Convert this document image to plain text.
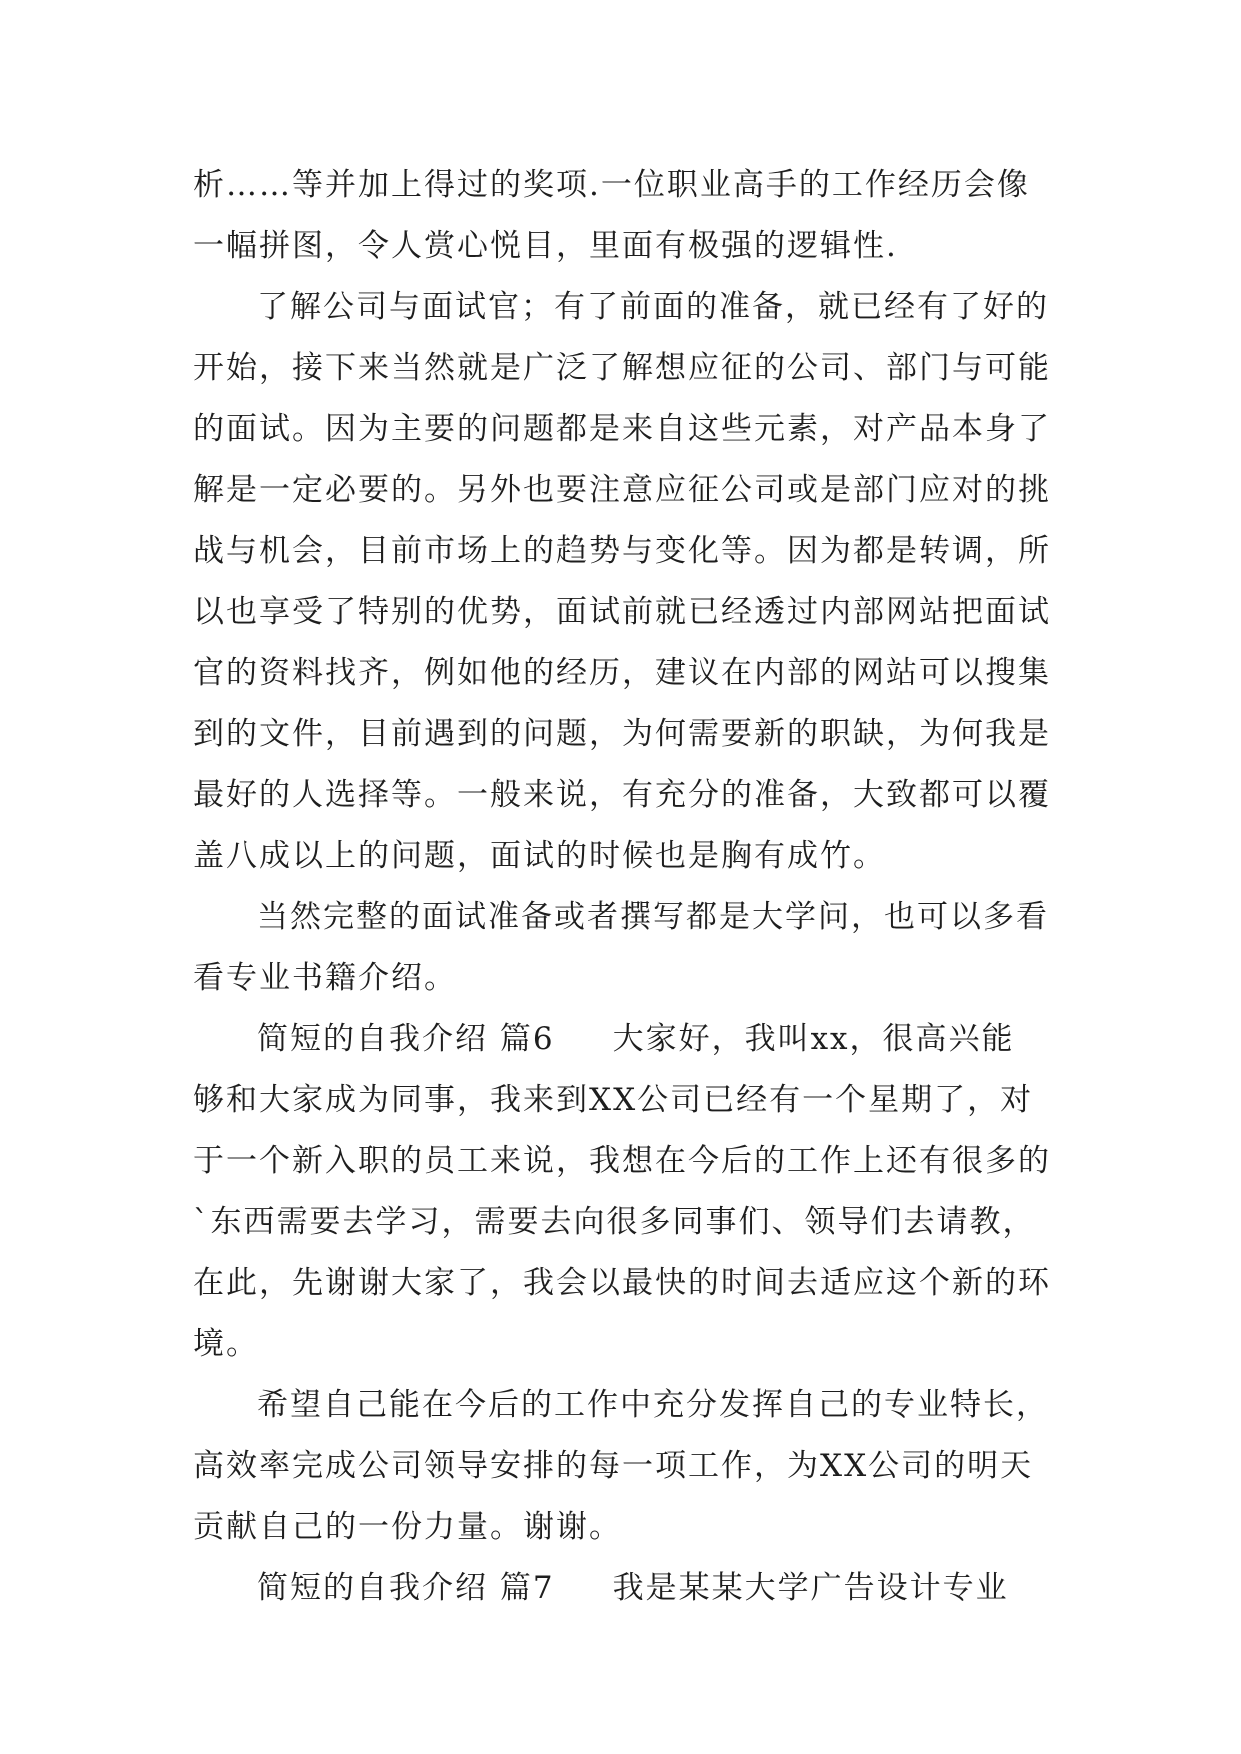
析……等并加上得过的奖项.一位职业高手的工作经历会像
一幅拼图，令人赏心悦目，里面有极强的逻辑性.
了解公司与面试官；有了前面的准备，就已经有了好的
开始，接下来当然就是广泛了解想应征的公司、部门与可能
的面试。因为主要的问题都是来自这些元素，对产品本身了
解是一定必要的。另外也要注意应征公司或是部门应对的挑
战与机会，目前市场上的趋势与变化等。因为都是转调，所
以也享受了特别的优势，面试前就已经透过内部网站把面试
官的资料找齐，例如他的经历，建议在内部的网站可以搜集
到的文件，目前遇到的问题，为何需要新的职缺，为何我是
最好的人选择等。一般来说，有充分的准备，大致都可以覆
盖八成以上的问题，面试的时候也是胸有成竹。
当然完整的面试准备或者撰写都是大学问，也可以多看
看专业书籍介绍。
简短的自我介绍 篇6 大家好，我叫xx，很高兴能
够和大家成为同事，我来到XX公司已经有一个星期了，对
于一个新入职的员工来说，我想在今后的工作上还有很多的
`东西需要去学习，需要去向很多同事们、领导们去请教，
在此，先谢谢大家了，我会以最快的时间去适应这个新的环
境。
希望自己能在今后的工作中充分发挥自己的专业特长，
高效率完成公司领导安排的每一项工作，为XX公司的明天
贡献自己的一份力量。谢谢。
简短的自我介绍 篇7 我是某某大学广告设计专业
